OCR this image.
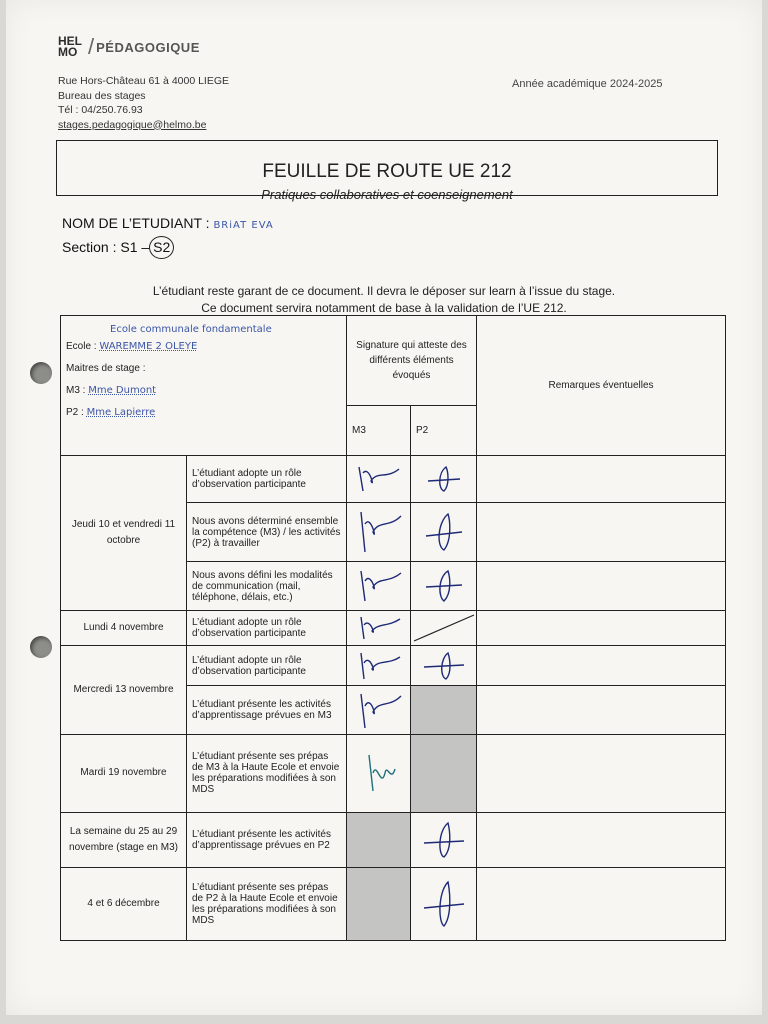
HEL MO / PÉDAGOGIQUE
Rue Hors-Château 61 à 4000 LIEGE
Bureau des stages
Tél : 04/250.76.93
stages.pedagogique@helmo.be
Année académique 2024-2025
FEUILLE DE ROUTE UE 212
Pratiques collaboratives et coenseignement
NOM DE L’ETUDIANT : BRiAT EVA
Section : S1 – S2
L’étudiant reste garant de ce document. Il devra le déposer sur learn à l’issue du stage.
Ce document servira notamment de base à la validation de l’UE 212.
Ecole communale fondamentale
Ecole : WAREMME 2 OLEYE
Maitres de stage :
M3 : Mme Dumont
P2 : Mme Lapierre		Signature qui atteste des différents éléments évoqués		Remarques éventuelles
		M3	P2	
Jeudi 10 et vendredi 11 octobre	L’étudiant adopte un rôle d’observation participante	

	Nous avons déterminé ensemble la compétence (M3) / les activités (P2) à travailler	

	Nous avons défini les modalités de communication (mail, téléphone, délais, etc.)	

Lundi 4 novembre	L’étudiant adopte un rôle d’observation participante	

Mercredi 13 novembre	L’étudiant adopte un rôle d’observation participante	

	L’étudiant présente les activités d’apprentissage prévues en M3	

Mardi 19 novembre	L’étudiant présente ses prépas de M3 à la Haute Ecole et envoie les préparations modifiées à son MDS	

La semaine du 25 au 29 novembre (stage en M3)	L’étudiant présente les activités d’apprentissage prévues en P2		

4 et 6 décembre	L’étudiant présente ses prépas de P2 à la Haute Ecole et envoie les préparations modifiées à son MDS		
